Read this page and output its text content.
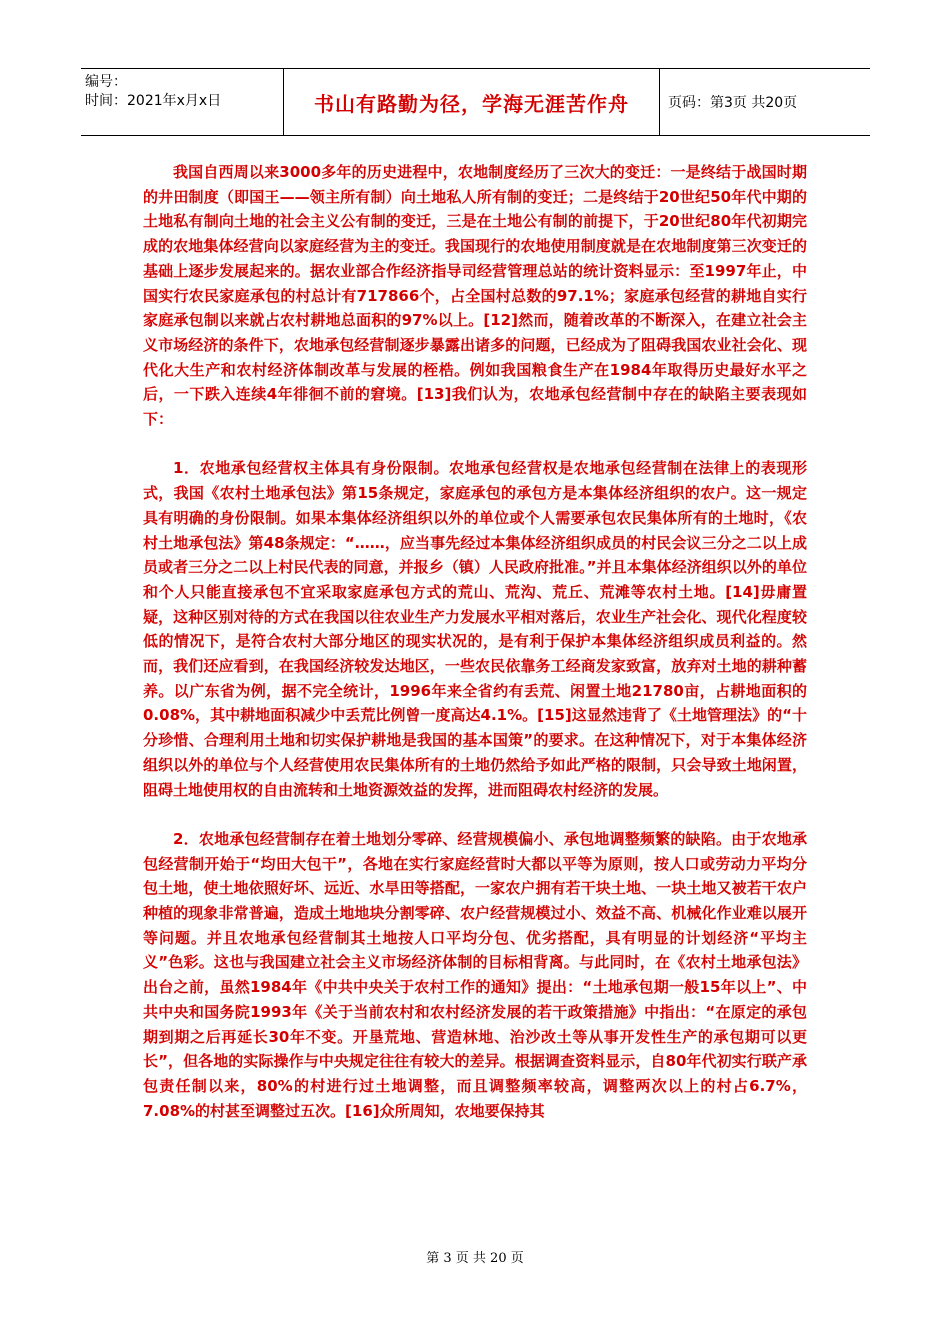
编号：
时间：2021年x月x日	书山有路勤为径，学海无涯苦作舟	页码：第3页 共20页

我国自西周以来3000多年的历史进程中，农地制度经历了三次大的变迁：一是终结于战国时期的井田制度（即国王——领主所有制）向土地私人所有制的变迁；二是终结于20世纪50年代中期的土地私有制向土地的社会主义公有制的变迁，三是在土地公有制的前提下，于20世纪80年代初期完成的农地集体经营向以家庭经营为主的变迁。我国现行的农地使用制度就是在农地制度第三次变迁的基础上逐步发展起来的。据农业部合作经济指导司经营管理总站的统计资料显示：至1997年止，中国实行农民家庭承包的村总计有717866个，占全国村总数的97.1%；家庭承包经营的耕地自实行家庭承包制以来就占农村耕地总面积的97%以上。[12]然而，随着改革的不断深入，在建立社会主义市场经济的条件下，农地承包经营制逐步暴露出诸多的问题，已经成为了阻碍我国农业社会化、现代化大生产和农村经济体制改革与发展的桎梏。例如我国粮食生产在1984年取得历史最好水平之后，一下跌入连续4年徘徊不前的窘境。[13]我们认为，农地承包经营制中存在的缺陷主要表现如下：

1．农地承包经营权主体具有身份限制。农地承包经营权是农地承包经营制在法律上的表现形式，我国《农村土地承包法》第15条规定，家庭承包的承包方是本集体经济组织的农户。这一规定具有明确的身份限制。如果本集体经济组织以外的单位或个人需要承包农民集体所有的土地时，《农村土地承包法》第48条规定：“……，应当事先经过本集体经济组织成员的村民会议三分之二以上成员或者三分之二以上村民代表的同意，并报乡（镇）人民政府批准。”并且本集体经济组织以外的单位和个人只能直接承包不宜采取家庭承包方式的荒山、荒沟、荒丘、荒滩等农村土地。[14]毋庸置疑，这种区别对待的方式在我国以往农业生产力发展水平相对落后，农业生产社会化、现代化程度较低的情况下，是符合农村大部分地区的现实状况的，是有利于保护本集体经济组织成员利益的。然而，我们还应看到，在我国经济较发达地区，一些农民依靠务工经商发家致富，放弃对土地的耕种蓄养。以广东省为例，据不完全统计，1996年来全省约有丢荒、闲置土地21780亩，占耕地面积的0.08%，其中耕地面积减少中丢荒比例曾一度高达4.1%。[15]这显然违背了《土地管理法》的“十分珍惜、合理利用土地和切实保护耕地是我国的基本国策”的要求。在这种情况下，对于本集体经济组织以外的单位与个人经营使用农民集体所有的土地仍然给予如此严格的限制，只会导致土地闲置，阻碍土地使用权的自由流转和土地资源效益的发挥，进而阻碍农村经济的发展。

2．农地承包经营制存在着土地划分零碎、经营规模偏小、承包地调整频繁的缺陷。由于农地承包经营制开始于“均田大包干”，各地在实行家庭经营时大都以平等为原则，按人口或劳动力平均分包土地，使土地依照好坏、远近、水旱田等搭配，一家农户拥有若干块土地、一块土地又被若干农户种植的现象非常普遍，造成土地地块分割零碎、农户经营规模过小、效益不高、机械化作业难以展开等问题。并且农地承包经营制其土地按人口平均分包、优劣搭配，具有明显的计划经济“平均主义”色彩。这也与我国建立社会主义市场经济体制的目标相背离。与此同时，在《农村土地承包法》出台之前，虽然1984年《中共中央关于农村工作的通知》提出：“土地承包期一般15年以上”、中共中央和国务院1993年《关于当前农村和农村经济发展的若干政策措施》中指出：“在原定的承包期到期之后再延长30年不变。开垦荒地、营造林地、治沙改土等从事开发性生产的承包期可以更长”，但各地的实际操作与中央规定往往有较大的差异。根据调查资料显示，自80年代初实行联产承包责任制以来，80%的村进行过土地调整，而且调整频率较高，调整两次以上的村占6.7%，7.08%的村甚至调整过五次。[16]众所周知，农地要保持其

第 3 页 共 20 页
